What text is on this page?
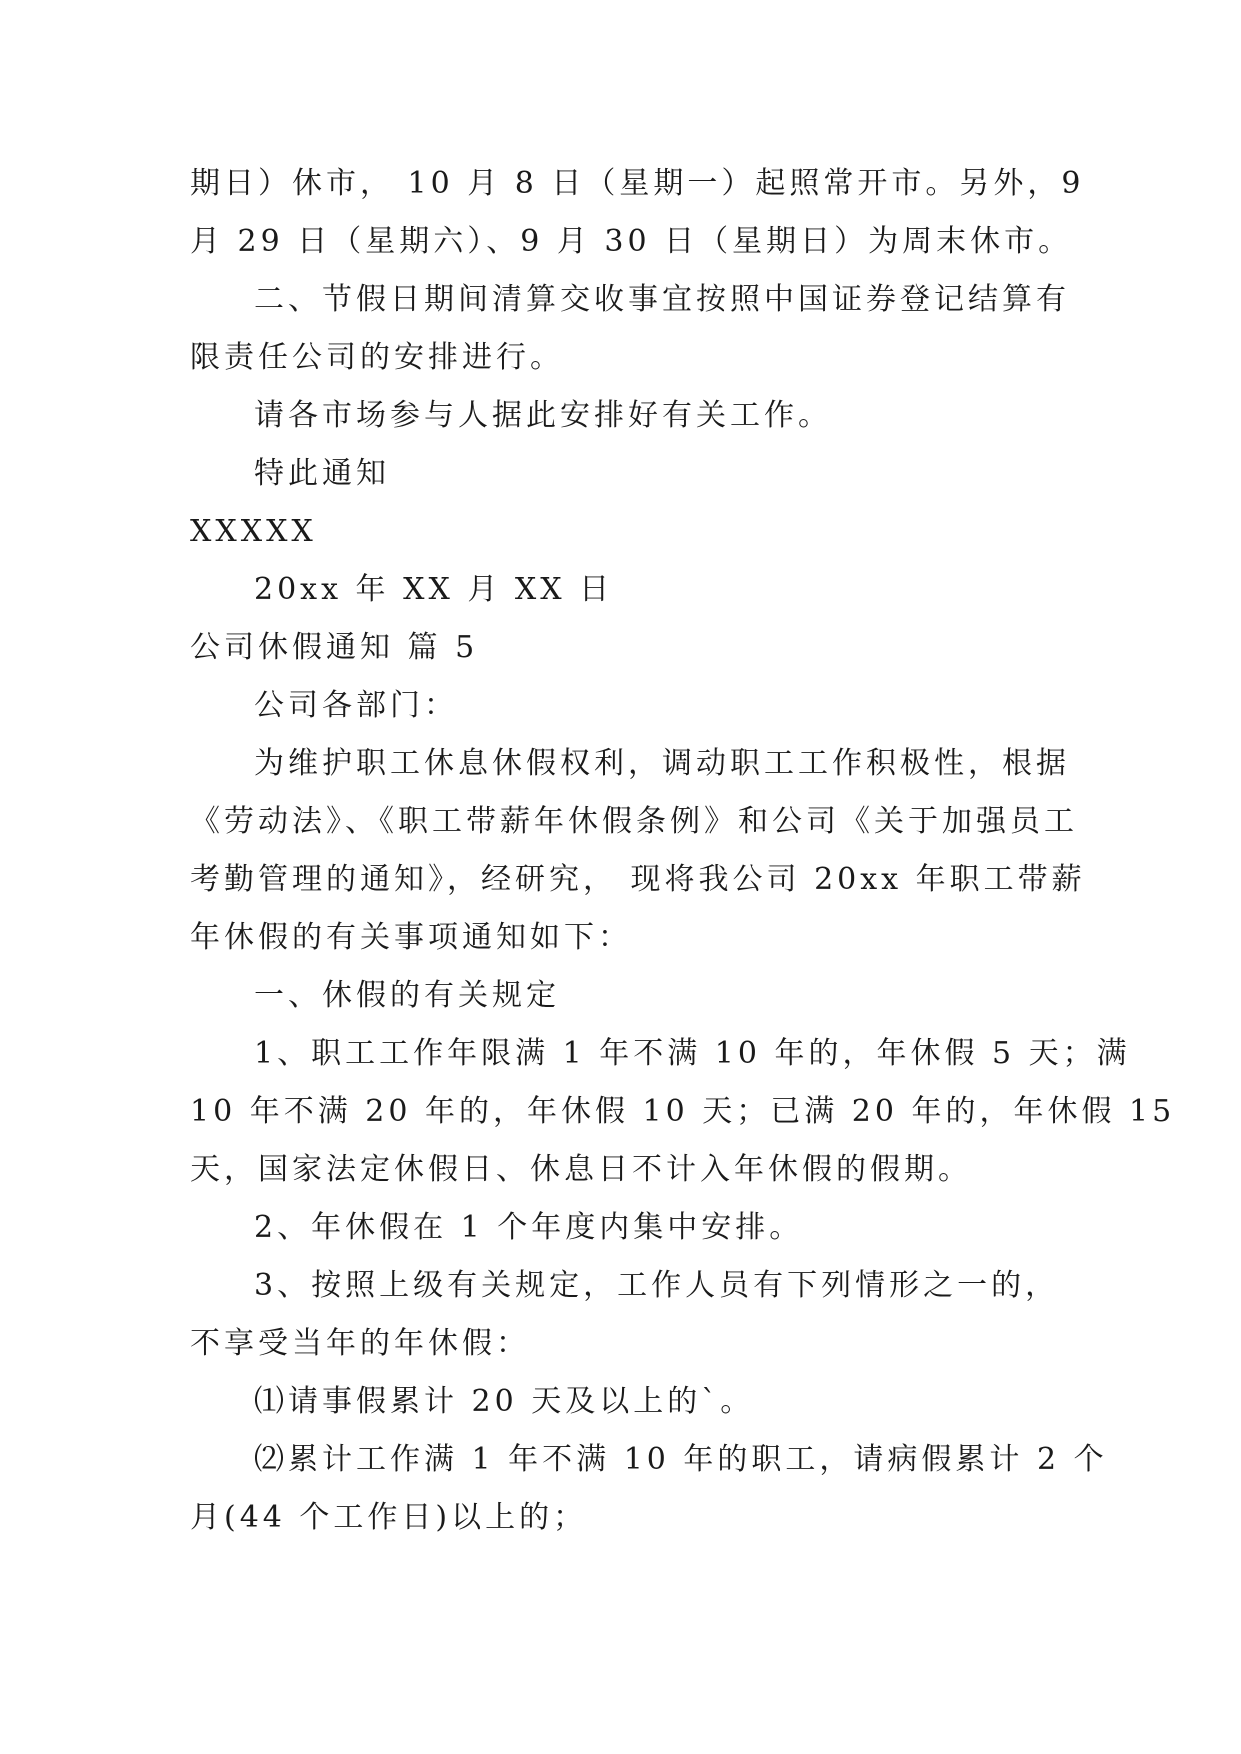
期日）休市， 10 月 8 日（星期一）起照常开市。另外，9
月 29 日（星期六）、9 月 30 日（星期日）为周末休市。
二、节假日期间清算交收事宜按照中国证券登记结算有
限责任公司的安排进行。
请各市场参与人据此安排好有关工作。
特此通知
XXXXX
20xx 年 XX 月 XX 日
公司休假通知 篇 5
公司各部门：
为维护职工休息休假权利，调动职工工作积极性，根据
《劳动法》、《职工带薪年休假条例》和公司《关于加强员工
考勤管理的通知》，经研究， 现将我公司 20xx 年职工带薪
年休假的有关事项通知如下：
一、休假的有关规定
1、职工工作年限满 1 年不满 10 年的，年休假 5 天；满
10 年不满 20 年的，年休假 10 天；已满 20 年的，年休假 15
天，国家法定休假日、休息日不计入年休假的假期。
2、年休假在 1 个年度内集中安排。
3、按照上级有关规定，工作人员有下列情形之一的，
不享受当年的年休假：
⑴请事假累计 20 天及以上的`。
⑵累计工作满 1 年不满 10 年的职工，请病假累计 2 个
月(44 个工作日)以上的；
